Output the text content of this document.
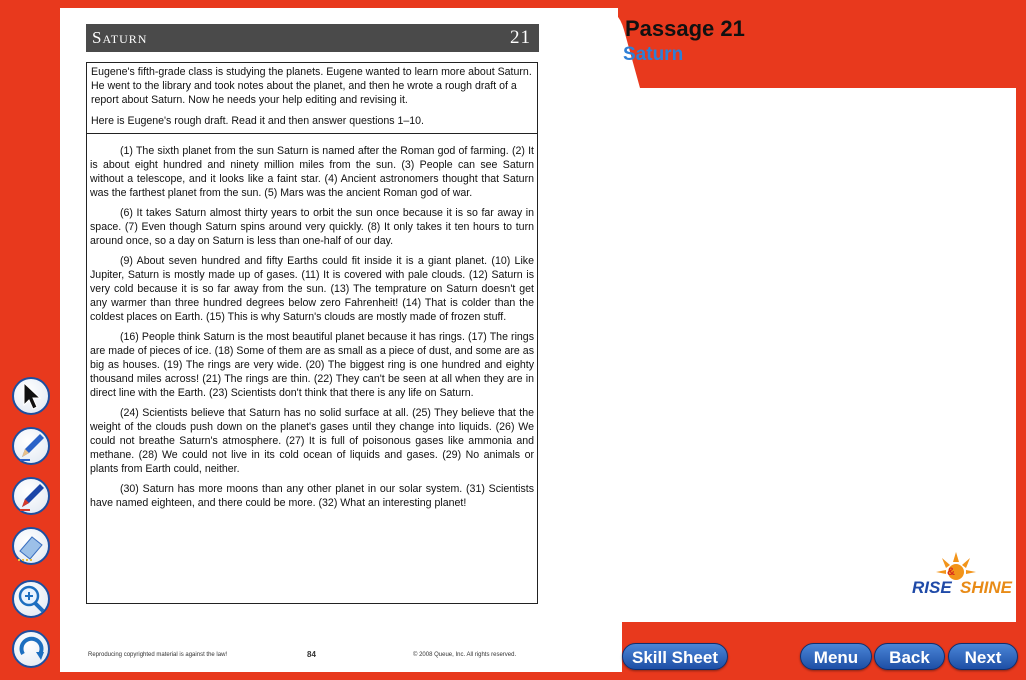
Saturn	21

Eugene's fifth-grade class is studying the planets. Eugene wanted to learn more about Saturn. He went to the library and took notes about the planet, and then he wrote a rough draft of a report about Saturn. Now he needs your help editing and revising it.

Here is Eugene's rough draft. Read it and then answer questions 1–10.

(1) The sixth planet from the sun Saturn is named after the Roman god of farming. (2) It is about eight hundred and ninety million miles from the sun. (3) People can see Saturn without a telescope, and it looks like a faint star. (4) Ancient astronomers thought that Saturn was the farthest planet from the sun. (5) Mars was the ancient Roman god of war.

(6) It takes Saturn almost thirty years to orbit the sun once because it is so far away in space. (7) Even though Saturn spins around very quickly. (8) It only takes it ten hours to turn around once, so a day on Saturn is less than one-half of our day.

(9) About seven hundred and fifty Earths could fit inside it is a giant planet. (10) Like Jupiter, Saturn is mostly made up of gases. (11) It is covered with pale clouds. (12) Saturn is very cold because it is so far away from the sun. (13) The temprature on Saturn doesn't get any warmer than three hundred degrees below zero Fahrenheit! (14) That is colder than the coldest places on Earth. (15) This is why Saturn's clouds are mostly made of frozen stuff.

(16) People think Saturn is the most beautiful planet because it has rings. (17) The rings are made of pieces of ice. (18) Some of them are as small as a piece of dust, and some are as big as houses. (19) The rings are very wide. (20) The biggest ring is one hundred and eighty thousand miles across! (21) The rings are thin. (22) They can't be seen at all when they are in direct line with the Earth. (23) Scientists don't think that there is any life on Saturn.

(24) Scientists believe that Saturn has no solid surface at all. (25) They believe that the weight of the clouds push down on the planet's gases until they change into liquids. (26) We could not breathe Saturn's atmosphere. (27) It is full of poisonous gases like ammonia and methane. (28) We could not live in its cold ocean of liquids and gases. (29) No animals or plants from Earth could, neither.

(30) Saturn has more moons than any other planet in our solar system. (31) Scientists have named eighteen, and there could be more. (32) What an interesting planet!

Reproducing copyrighted material is against the law!	84	© 2008 Queue, Inc. All rights reserved.
Passage 21
Saturn
RISE
&
SHINE
Skill Sheet	Menu	Back	Next
